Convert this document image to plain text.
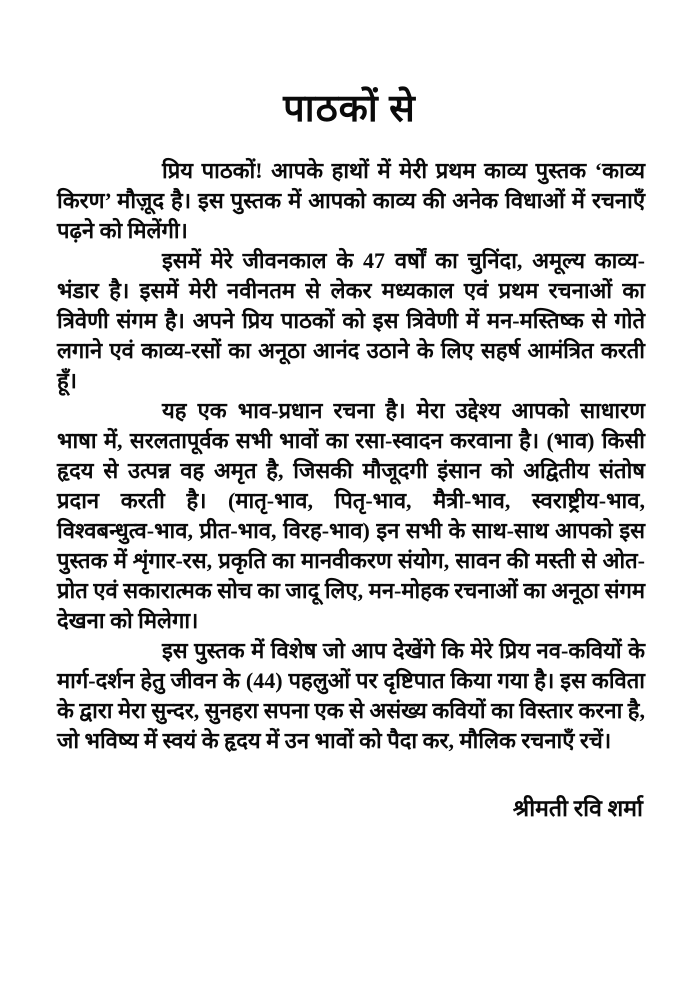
पाठकों से

प्रिय पाठकों! आपके हाथों में मेरी प्रथम काव्य पुस्तक ‘काव्य किरण’ मौज़ूद है। इस पुस्तक में आपको काव्य की अनेक विधाओं में रचनाएँ पढ़ने को मिलेंगी।

इसमें मेरे जीवनकाल के 47 वर्षों का चुनिंदा, अमूल्य काव्य-भंडार है। इसमें मेरी नवीनतम से लेकर मध्यकाल एवं प्रथम रचनाओं का त्रिवेणी संगम है। अपने प्रिय पाठकों को इस त्रिवेणी में मन-मस्तिष्क से गोते लगाने एवं काव्य-रसों का अनूठा आनंद उठाने के लिए सहर्ष आमंत्रित करती हूँ।

यह एक भाव-प्रधान रचना है। मेरा उद्देश्य आपको साधारण भाषा में, सरलतापूर्वक सभी भावों का रसा-स्वादन करवाना है। (भाव) किसी हृदय से उत्पन्न वह अमृत है, जिसकी मौजूदगी इंसान को अद्वितीय संतोष प्रदान करती है। (मातृ-भाव, पितृ-भाव, मैत्री-भाव, स्वराष्ट्रीय-भाव, विश्वबन्धुत्व-भाव, प्रीत-भाव, विरह-भाव) इन सभी के साथ-साथ आपको इस पुस्तक में शृंगार-रस, प्रकृति का मानवीकरण संयोग, सावन की मस्ती से ओत-प्रोत एवं सकारात्मक सोच का जादू लिए, मन-मोहक रचनाओं का अनूठा संगम देखना को मिलेगा।

इस पुस्तक में विशेष जो आप देखेंगे कि मेरे प्रिय नव-कवियों के मार्ग-दर्शन हेतु जीवन के (44) पहलुओं पर दृष्टिपात किया गया है। इस कविता के द्वारा मेरा सुन्दर, सुनहरा सपना एक से असंख्य कवियों का विस्तार करना है, जो भविष्य में स्वयं के हृदय में उन भावों को पैदा कर, मौलिक रचनाएँ रचें।

श्रीमती रवि शर्मा
